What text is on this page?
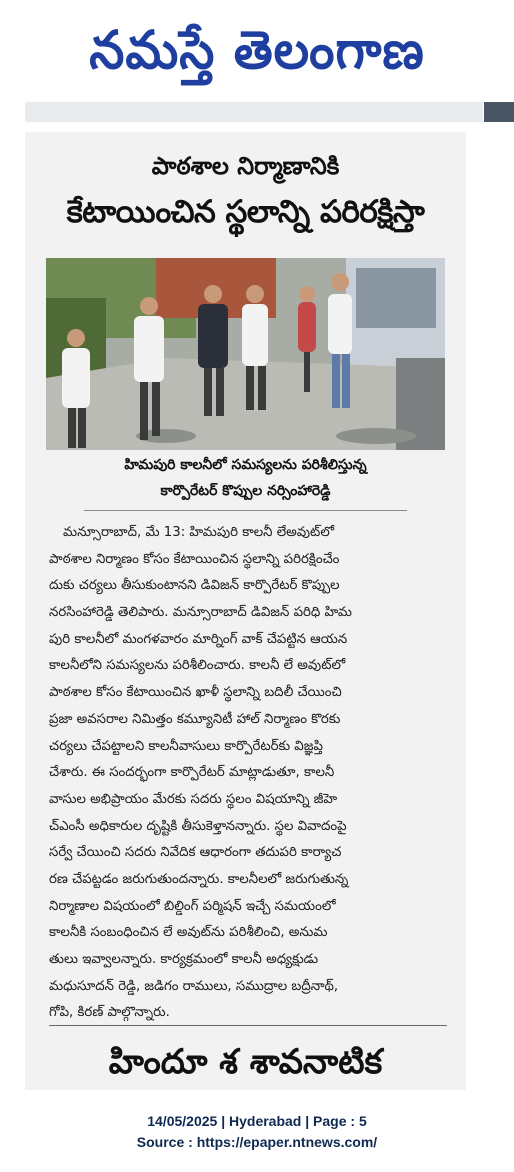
నమస్తే తెలంగాణ
పాఠశాల నిర్మాణానికి
కేటాయించిన స్థలాన్ని పరిరక్షిస్తా
హిమపురి కాలనీలో సమస్యలను పరిశీలిస్తున్న
కార్పొరేటర్ కొప్పుల నర్సింహారెడ్డి
మన్సూరాబాద్, మే 13: హిమపురి కాలనీ లేఅవుట్‌లో
పాఠశాల నిర్మాణం కోసం కేటాయించిన స్థలాన్ని పరిరక్షించేం
దుకు చర్యలు తీసుకుంటానని డివిజన్ కార్పొరేటర్ కొప్పుల
నరసింహారెడ్డి తెలిపారు. మన్సూరాబాద్ డివిజన్ పరిధి హిమ
పురి కాలనీలో మంగళవారం మార్నింగ్ వాక్ చేపట్టిన ఆయన
కాలనీలోని సమస్యలను పరిశీలించారు. కాలనీ లే అవుట్‌లో
పాఠశాల కోసం కేటాయించిన ఖాళీ స్థలాన్ని బదిలీ చేయించి
ప్రజా అవసరాల నిమిత్తం కమ్యూనిటీ హాల్ నిర్మాణం కొరకు
చర్యలు చేపట్టాలని కాలనీవాసులు కార్పొరేటర్‌కు విజ్ఞప్తి
చేశారు. ఈ సందర్భంగా కార్పొరేటర్ మాట్లాడుతూ, కాలనీ
వాసుల అభిప్రాయం మేరకు సదరు స్థలం విషయాన్ని జీహె
చ్ఎంసీ అధికారుల దృష్టికి తీసుకెళ్తానన్నారు. స్థల వివాదంపై
సర్వే చేయించి సదరు నివేదిక ఆధారంగా తదుపరి కార్యాచ
రణ చేపట్టడం జరుగుతుందన్నారు. కాలనీలలో జరుగుతున్న
నిర్మాణాల విషయంలో బిల్డింగ్ పర్మిషన్ ఇచ్చే సమయంలో
కాలనీకి సంబంధించిన లే అవుట్‌ను పరిశీలించి, అనుమ
తులు ఇవ్వాలన్నారు. కార్యక్రమంలో కాలనీ అధ్యక్షుడు
మధుసూదన్ రెడ్డి, జడిగం రాములు, సముద్రాల బద్రీనాథ్,
గోపి, కిరణ్ పాల్గొన్నారు.
హిందూ శ శావనాటిక
14/05/2025 | Hyderabad | Page : 5
Source : https://epaper.ntnews.com/
